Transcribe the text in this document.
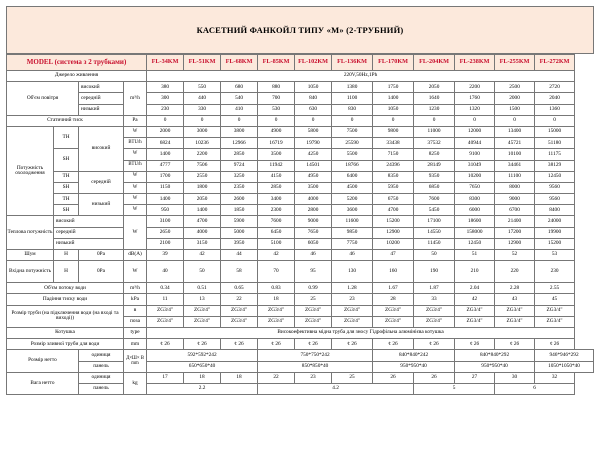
КАСЕТНИЙ ФАНКОЙЛ ТИПУ «М» (2-ТРУБНИЙ)
MODEL (система з 2 трубками)				FL-34KM	FL-51KM	FL-68KM	FL-85KM	FL-102KM	FL-136KM	FL-170KM	FL-204KM	FL-238KM	FL-255KM	FL-272KM
Джерело живлення				220V,50Hz,1Ph										
Об'єм повітря		високий	m³/h	380	550	680	880	1050	1380	1750	2050	2200	2500	2720
		середній		300	440	540	700	840	1100	1400	1640	1760	2000	2040
		низький		230	330	410	530	630	830	1050	1230	1320	1500	1360
Статичний тиск			Pa	0	0	0	0	0	0	0	0	0	0	0
Потужність охолодження	TH	високий	W	2000	3000	3800	4900	5800	7500	9800	11000	12000	13400	15000
			BTU/h	6824	10236	12966	16719	19790	25590	33438	37532	40944	45721	51180
	SH		W	1400	2200	2850	3500	4250	5500	7150	8250	9100	10100	11175
			BTU/h	4777	7506	9724	11942	14501	18766	24396	28149	31049	34461	38129
	TH	середній	W	1700	2550	3250	4150	4950	6400	8350	9350	10200	11100	12450
	SH		W	1150	1800	2350	2850	3500	4500	5950	6850	7650	8000	9560
	TH	низький	W	1400	2050	2600	3400	4000	5200	6750	7600	8300	9000	9560
	SH		W	950	1400	1850	2300	2800	3600	4700	5450	6000	6700	8400
Теплова потужність	високий		W	3100	4700	5900	7600	9000	11600	15200	17100	18600	21400	24000
	середній			2650	4000	5000	6450	7650	9850	12900	14550	158000	17200	19900
	низький			2100	3150	3950	5100	6050	7750	10200	11450	12450	12900	15200
Шум	H	0Pa	dB(A)	39	42	44	42	46	46	47	50	51	52	53
Вхідна потужність	H	0Pa	W	40	50	58	70	95	130	160	190	210	220	230
Об'єм потоку води			m³/h	0.34	0.51	0.65	0.83	0.99	1.28	1.67	1.87	2.04	2.28	2.55
Падіння тиску води			kPa	11	13	22	18	25	23	28	33	42	43	45
Розмір труби (на підключення води (на вході та виході))			в	ZG3/4"	ZG3/4"	ZG3/4"	ZG3/4"	ZG3/4"	ZG3/4"	ZG3/4"	ZG3/4"	ZG3/4"	ZG3/4"	ZG3/4"
			поза	ZG3/4"	ZG3/4"	ZG3/4"	ZG3/4"	ZG3/4"	ZG3/4"	ZG3/4"	ZG3/4"	ZG3/4"	ZG3/4"	ZG3/4"
Котушка			type	Високоефективна мідна труба для зносу Гідрофільна алюмінієва котушка										
Розмір зливної труби для води			mm	¢ 26	¢ 26	¢ 26	¢ 26	¢ 26	¢ 26	¢ 26	¢ 26	¢ 26	¢ 26	¢ 26
Розмір нетто		одиниця	Д×Ш× В mm	592*592*242			750*750*242			840*840*242		840*840*292		946*946*292
		панель		650*650*40			850*850*40			950*950*40		950*950*40		1050*1050*40
Вага нетто		одиниця	kg	17	18	18	22	23	25	26	26	27	30	32
		панель		2.2			4.2				5		6	
